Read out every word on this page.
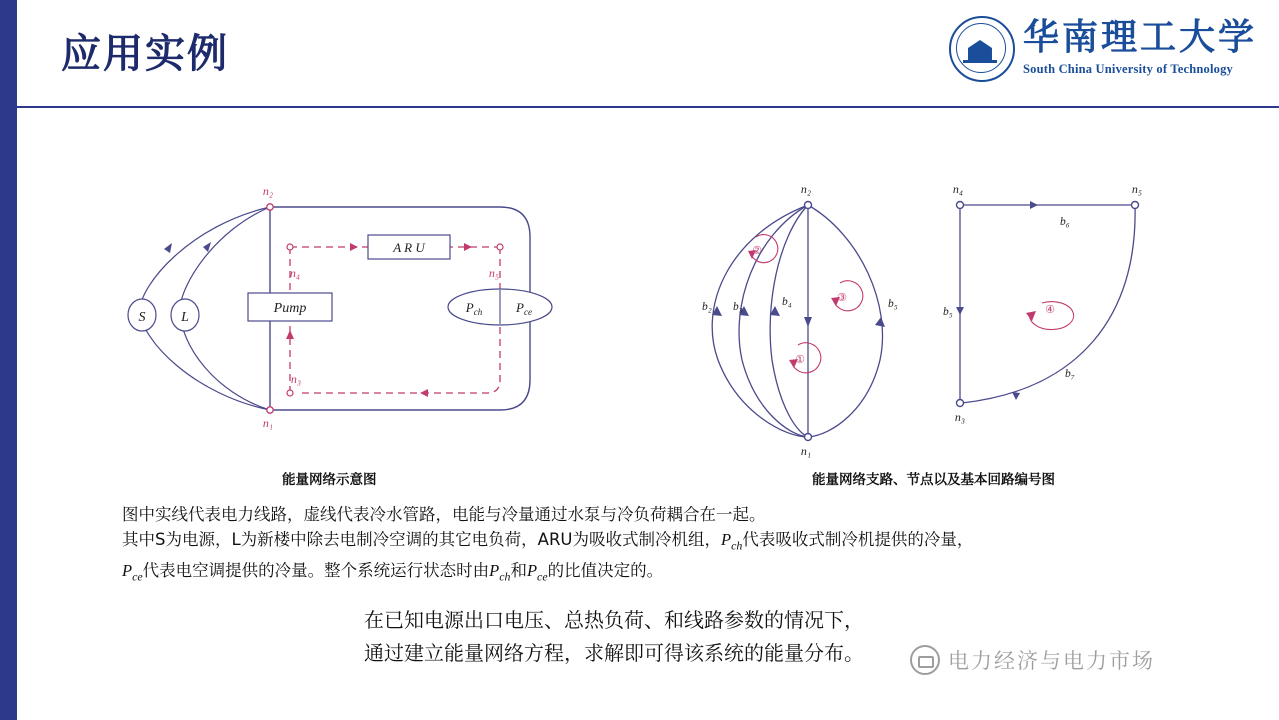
应用实例	华南理工大学
South China University of Technology
S	L
n₂
n₁
n₄	n₅
n₃
A R U
Pump	$P_{ch}$	$P_{ce}$
n₂
n₁
b₂ b₃	b₄	b₅
②
③
①
n₄	n₅
n₃
b₆
b₅
b₇
④
能量网络示意图	能量网络支路、节点以及基本回路编号图
图中实线代表电力线路，虚线代表冷水管路，电能与冷量通过水泵与冷负荷耦合在一起。
其中S为电源，L为新楼中除去电制冷空调的其它电负荷，ARU为吸收式制冷机组，$P_{ch}$代表吸收式制冷机提供的冷量，
$P_{ce}$代表电空调提供的冷量。整个系统运行状态时由$P_{ch}$和$P_{ce}$的比值决定的。
在已知电源出口电压、总热负荷、和线路参数的情况下，
通过建立能量网络方程，求解即可得该系统的能量分布。	电力经济与电力市场
